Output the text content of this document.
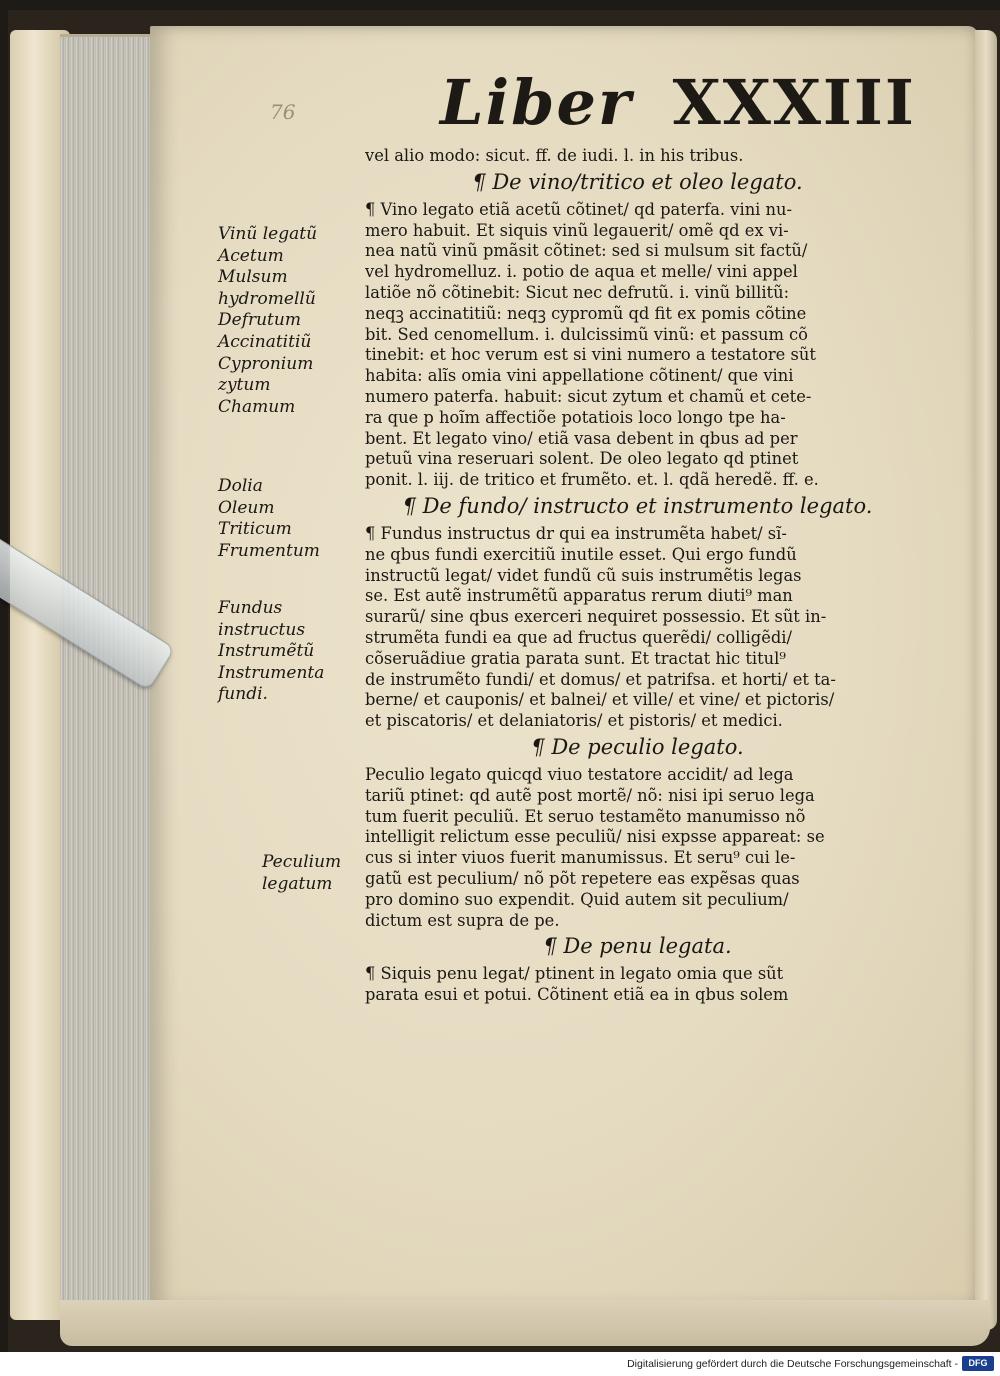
76 Liber XXXIII
vel alio modo: sicut. ff. de iudi. l. in his tribus.
¶ De vino/tritico et oleo legato.
¶ Vino legato etiã acetũ cõtinet/ qd paterfa. vini nu-
mero habuit. Et siquis vinũ legauerit/ omẽ qd ex vi-
nea natũ vinũ pmãsit cõtinet: sed si mulsum sit factũ/
vel hydromelluz. i. potio de aqua et melle/ vini appel
latiõe nõ cõtinebit: Sicut nec defrutũ. i. vinũ billitũ:
neqꝫ accinatitiũ: neqꝫ cypromũ qd fit ex pomis cõtine
bit. Sed cenomellum. i. dulcissimũ vinũ: et passum cõ
tinebit: et hoc verum est si vini numero a testatore sũt
habita: alĩs omia vini appellatione cõtinent/ que vini
numero paterfa. habuit: sicut zytum et chamũ et cete-
ra que p hoĩm affectiõe potatiois loco longo tpe ha-
bent. Et legato vino/ etiã vasa debent in qbus ad per
petuũ vina reseruari solent. De oleo legato qd ptinet
ponit. l. iij. de tritico et frumẽto. et. l. qdã heredẽ. ff. e.
¶ De fundo/ instructo et instrumento legato.
¶ Fundus instructus dr qui ea instrumẽta habet/ sĩ-
ne qbus fundi exercitiũ inutile esset. Qui ergo fundũ
instructũ legat/ videt fundũ cũ suis instrumẽtis legas
se. Est autẽ instrumẽtũ apparatus rerum diuti⁹ man
surarũ/ sine qbus exerceri nequiret possessio. Et sũt in-
strumẽta fundi ea que ad fructus querẽdi/ colligẽdi/
cõseruãdiue gratia parata sunt. Et tractat hic titul⁹
de instrumẽto fundi/ et domus/ et patrifsa. et horti/ et ta-
berne/ et cauponis/ et balnei/ et ville/ et vine/ et pictoris/
et piscatoris/ et delaniatoris/ et pistoris/ et medici.
¶ De peculio legato.
Peculio legato quicqd viuo testatore accidit/ ad lega
tariũ ptinet: qd autẽ post mortẽ/ nõ: nisi ipi seruo lega
tum fuerit peculiũ. Et seruo testamẽto manumisso nõ
intelligit relictum esse peculiũ/ nisi expsse appareat: se
cus si inter viuos fuerit manumissus. Et seru⁹ cui le-
gatũ est peculium/ nõ põt repetere eas expẽsas quas
pro domino suo expendit. Quid autem sit peculium/
dictum est supra de pe.
¶ De penu legata.
¶ Siquis penu legat/ ptinent in legato omia que sũt
parata esui et potui. Cõtinent etiã ea in qbus solem
Vinũ legatũ
Acetum
Mulsum
hydromellũ
Defrutum
Accinatitiũ
Cypronium
zytum
Chamum
Dolia
Oleum
Triticum
Frumentum
Fundus
instructus
Instrumẽtũ
Instrumenta
fundi.
Peculium
legatum
Digitalisierung gefördert durch die Deutsche Forschungsgemeinschaft -	DFG
